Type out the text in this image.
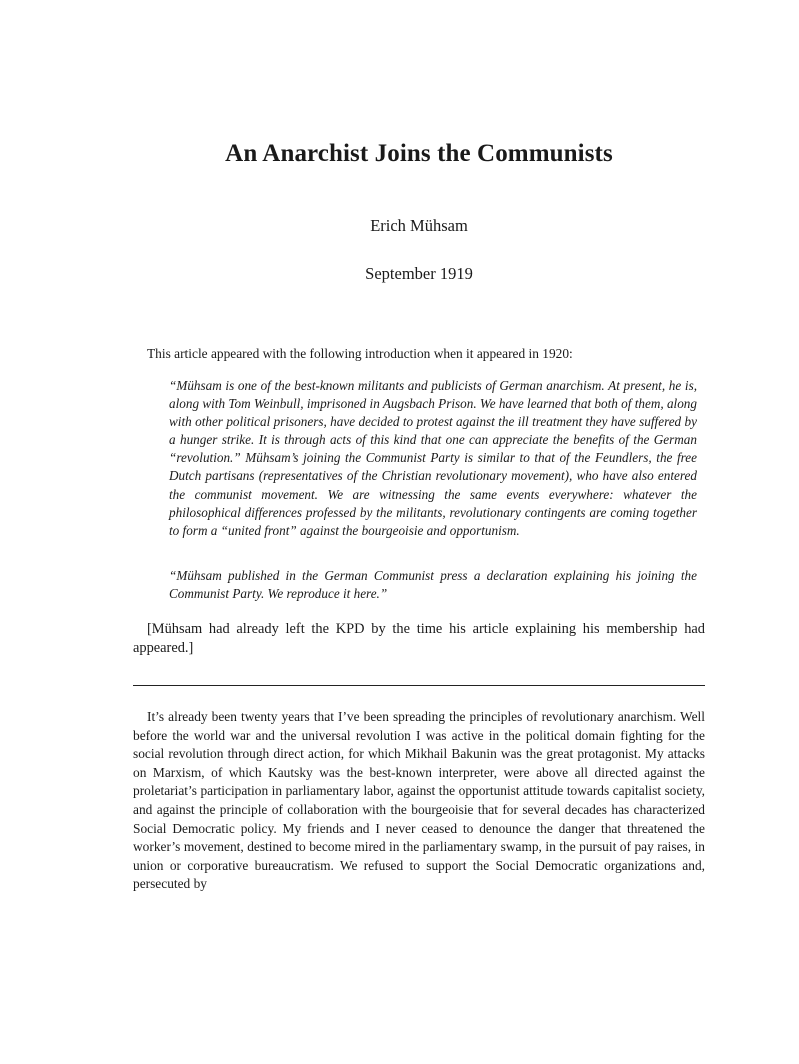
An Anarchist Joins the Communists

Erich Mühsam

September 1919

This article appeared with the following introduction when it appeared in 1920:

“Mühsam is one of the best-known militants and publicists of German anarchism. At present, he is, along with Tom Weinbull, imprisoned in Augsbach Prison. We have learned that both of them, along with other political prisoners, have decided to protest against the ill treatment they have suffered by a hunger strike. It is through acts of this kind that one can appreciate the benefits of the German “revolution.” Mühsam’s joining the Communist Party is similar to that of the Feundlers, the free Dutch partisans (representatives of the Christian revolutionary movement), who have also entered the communist movement. We are witnessing the same events everywhere: whatever the philosophical differences professed by the militants, revolutionary contingents are coming together to form a “united front” against the bourgeoisie and opportunism.

“Mühsam published in the German Communist press a declaration explaining his joining the Communist Party. We reproduce it here.”

[Mühsam had already left the KPD by the time his article explaining his membership had appeared.]

It’s already been twenty years that I’ve been spreading the principles of revolutionary anarchism. Well before the world war and the universal revolution I was active in the political domain fighting for the social revolution through direct action, for which Mikhail Bakunin was the great protagonist. My attacks on Marxism, of which Kautsky was the best-known interpreter, were above all directed against the proletariat’s participation in parliamentary labor, against the opportunist attitude towards capitalist society, and against the principle of collaboration with the bourgeoisie that for several decades has characterized Social Democratic policy. My friends and I never ceased to denounce the danger that threatened the worker’s movement, destined to become mired in the parliamentary swamp, in the pursuit of pay raises, in union or corporative bureaucratism. We refused to support the Social Democratic organizations and, persecuted by
